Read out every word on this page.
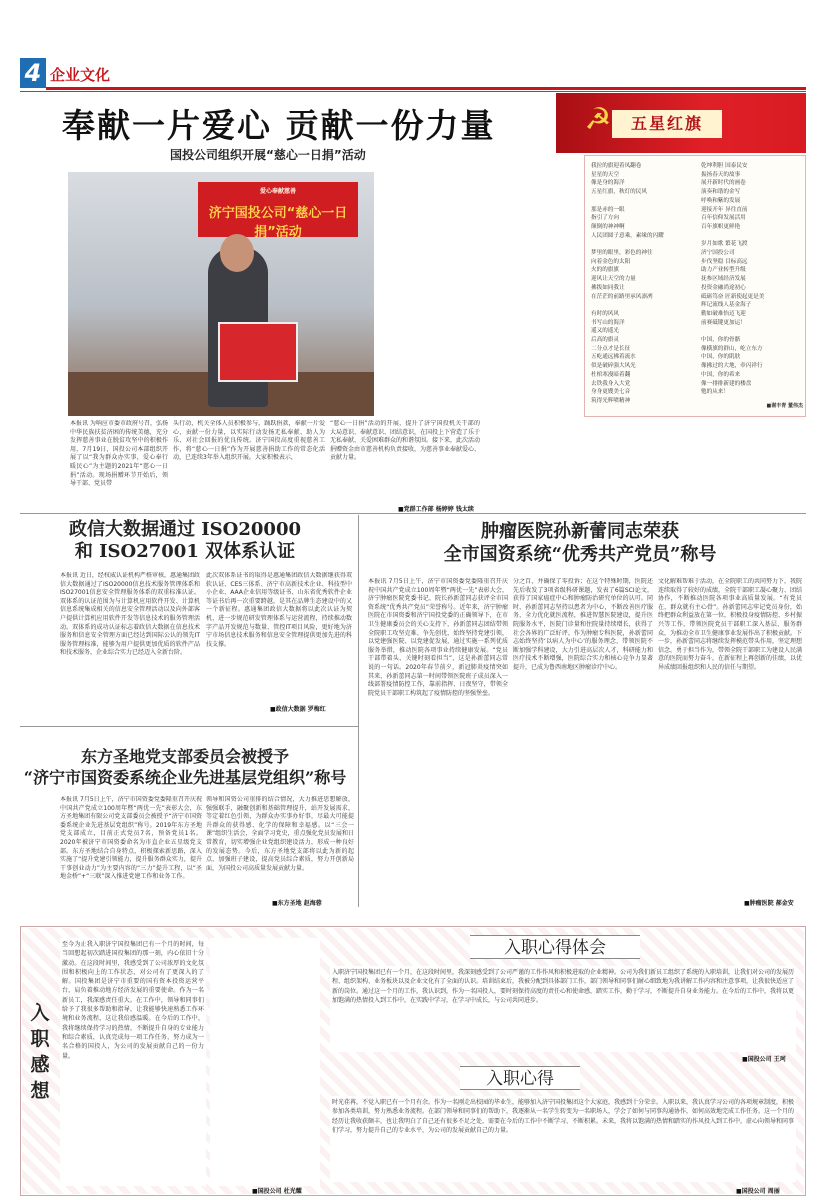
4 企业文化
☭	五星红旗
奉献一片爱心 贡献一份力量
国投公司组织开展“慈心一日捐”活动
爱心奉献慈善
济宁国投公司“慈心一日捐”活动
本报讯 为响应市委市政府号召，弘扬中华民族扶贫济困的传统美德，充分发挥慈善事业在脱贫攻坚中的积极作用，7月19日，国投公司本部组织开展了以“我为群众办实事，爱心奉行暖民心”为主题的2021年“慈心一日捐”活动。现场捐赠环节开始后，领导干部、党员带
头行动，机关全体人员积极参与，踊跃捐款，奉献一片爱心，贡献一份力量，以实际行动发扬无私奉献、助人为乐、对社会回报的优良传统。济宁国投高度重视慈善工作，将“慈心一日捐”作为开展慈善捐助工作的常态化活动，已连续3年举入组织开展。大家积极表示，
“慈心一日捐”活动的开展，提升了济宁国投机关干部的大局意识、奉献意识、团结意识，在国投上下营造了乐于无私奉献、关爱困难群众的和谐氛围。接下来，此次活动捐赠资金由市慈善机构负责接收，为慈善事业奉献爱心、贡献力量。
■党群工作部 杨婷婷 钱太续
我拉的旗迎着凤翻卷
星星的天空
像是身的海洋
五星红旗，秋灯的民风

那是赤的一眼
指引了方向
颠倒的神神啊
人民团圆子意乘，素缘的闪耀

梦里的眼里，彩色的神往
向着金色的太阳
火的的旗旗
迎风让天空的力量
拂拨如同我让
在茫茫的前路里承风凛冽

有时的风风
书写山的海洋
遥又的遥光
后高的旗灵
二分点才是长征
五屹通远拂着流水
似是破碎强大风光
杜棺寒漫暗着翻
去铁我身入大党
身身更嫂美七音
筑得光辉喷精神
乾坤利胆 国泰民安
振扬春天的故事
展开新时代的画卷
演奏和谐的金写
呼唤和紫的发展
迎接开年 异往直前
百年信仰发展活用
百年旗帜更鲜艳

岁月如歌 繁花飞渡
济宁国投公司
步伐坚稳 目标高远
助力产业转型升级
抚参区域经济发展
投资金融尚途初心
砥砺笃奋 匠新使起更是美
辉记流线人基金海子
勤如破难怡迈飞迎
前赛砥键更加运！

中国，你的骨骼
像横旗的群山，屹立东方
中国，你的肌肤
像拂过的大地，牵闪祥行
中国，你的希来
像一排排新建的楼盘
勉的从来！
■谢丰青 董伟杰
政信大数据通过 ISO20000
和 ISO27001 双体系认证
本报讯 近日，经权威认证机构严格审核，惠通集团政信大数据通过了ISO20000信息技术服务管理体系和ISO27001信息安全管理服务体系的双重标准认证。双体系的认证范围为与计算机应用软件开发、计算机信息系统集成相关的信息安全管理活动以及向外部客户提供计算机应用软件开发等信息技术的服务管理活动。双体系的成功认证标志着政信大数据在信息技术服务和信息安全管理方面已经达到国际公认的领先IT服务管理标准，能够为用户提供更加优质的软件产品和技术服务，企业综合实力已经迈入全新台阶。
此次双体系证书的取得是惠通集团政信大数据继获得双软认证、CES三体系、济宁市高新技术企业、科技型中小企业、AAA企业信用等级证书、山东省优秀软件企业等证书后再一次重要跨越，是其在品牌生态建设中的又一个新征程。惠通集团政信大数据将以此次认证为契机，进一步规范研发管理体系与运营流程，持续推动数字产品开发规范与数量、管控IT项目风险，更好地为济宁市场信息技术服务和信息安全管理提供更加先进的科技支撑。
■政信大数据 罗梅红
东方圣地党支部委员会被授予
“济宁市国资委系统企业先进基层党组织”称号
本报讯 7月5日上午，济宁市国资委党委隆重召开庆祝中国共产党成立100周年暨“两优一先”表彰大会，东方圣地集团有限公司党支部委员会被授予“济宁市国资委系统企业先进基层党组织”称号。2019年东方圣地党支部成立，目前正式党员7名，预备党员1名。2020年被济宁市国资委命名为市直企业五星级党支部。东方圣地结合自身特点，积极探索新思路，深入实施了“提升党建引领能力，提升服务群众实力，提升干事创业动力”为主要内容的“三力”提升工程，以“圣地金桥”+“三联”深入推进党建工作和业务工作。
领导和国资公司重排的结合情况，大力推进思想解放，强强联手，融聚创新和基础管理提升，站开发展需求，等定着红色引领，为群众办实事办好事，尽最大可能提升群众的获得感、化学的保障和幸福感。以“三会一课”组织生活会，全面学习党史，重点强化党员发展和日常教育，切实增强企业党组织建设活力，形成一种良好的发展态势。今后，东方圣地党支部将以此为新的起点，加强班子建设，提高党员综合素质，努力开创新局面，为国投公司高质量发展贡献力量。
■东方圣地 赵海蓉
肿瘤医院孙新蕾同志荣获
全市国资系统“优秀共产党员”称号
本报讯 7月5日上午，济宁市国资委党委隆重召开庆祝中国共产党成立100周年暨“两优一先”表彰大会，济宁肿瘤医院党委书记、院长孙新蕾同志获评全市国资系统“优秀共产党员”荣誉称号。近年来，济宁肿瘤医院在市国资委和济宁国投党委的正确领导下，在市卫生健康委员会的关心支持下，孙新蕾同志团结带领全院职工攻坚克难、争先创优，始终坚持党建引领，以党建强医院、以党建促发展，通过实施一系列优质服务举措，推动医院各项事业持续健康发展。“党员干部带着头、关键时刻看担当”，这是孙新蕾同志常说的一句话。2020年春节前夕，新冠肺炎疫情突如其来，孙新蕾同志第一时间带领医院班子成员深入一线部署疫情防控工作，靠前指挥、日夜坚守，带领全院党员干部职工构筑起了疫情防控的坚强堡垒。
分之百，并确保了零投诉；在这个特殊时期，医院还先后收发了3项省级科研课题，发表了6篇SCI论文，获得了国家癌症中心和肿瘤防治研究单位的认可。同时，孙新蕾同志坚持以患者为中心，不断改善医疗服务，全力优化就医流程，推进智慧医院建设，提升医院服务水平，医院门诊量和住院量持续增长，获得了社会各界的广泛好评。作为肿瘤专科医院，孙新蕾同志始终坚持‘以病人为中心’的服务理念，带领医院不断加强学科建设，大力引进高层次人才，科研能力和医疗技术不断增强，医院综合实力和核心竞争力显著提升，已成为鲁西南地区肿瘤诊疗中心。
文化解难帮难于活动，在全院职工的共同努力下，我院连续取得了较好的成绩，全院干部职工凝心聚力、团结协作，不断推动医院各项事业高质量发展。“有党员在，群众就有主心骨”。孙新蕾同志牢记党员身份，始终把群众利益放在第一位，积极投身疫情防控、乡村振兴等工作，带领医院党员干部职工深入基层、服务群众，为推动全市卫生健康事业发展作出了积极贡献。下一步，孙新蕾同志将继续发挥模范带头作用，坚定理想信念，勇于担当作为，带领全院干部职工为建设人民满意的医院而努力奋斗，在新征程上再创新的佳绩，以优异成绩回报组织和人民的信任与期望。
■肿瘤医院 郝金安
入职感想
至今为止我入职济宁国投集团已有一个月的时间，每当回想起初次踏进国投集团的那一刻，内心依旧十分激动。在这段时间里，我感受到了公司浓厚的文化氛围和积极向上的工作状态，对公司有了更深入的了解。国投集团是济宁市重要的国有资本投资运营平台，肩负着推动地方经济发展的重要使命。作为一名新员工，我深感责任重大。在工作中，领导和同事们给予了我很多帮助和指导，让我能够快速熟悉工作环境和业务流程，这让我倍感温暖。在今后的工作中，我将继续保持学习的热情，不断提升自身的专业能力和综合素质，认真完成每一项工作任务，努力成为一名合格的国投人，为公司的发展贡献自己的一份力量。
■国投公司 杜光耀
入职心得体会
入职济宁国投集团已有一个月，在这段时间里，我深刻感受到了公司严谨的工作作风和积极进取的企业精神。公司为我们新员工组织了系统的入职培训，让我们对公司的发展历程、组织架构、业务板块以及企业文化有了全面的认识。培训结束后，我被分配到具体部门工作，部门领导和同事们耐心细致地为我讲解工作内容和注意事项，让我很快适应了新的岗位。通过这一个月的工作，我认识到，作为一名国投人，要时刻保持高度的责任心和使命感，踏实工作，勤于学习，不断提升自身业务能力。在今后的工作中，我将以更加饱满的热情投入到工作中，在实践中学习，在学习中成长，与公司共同进步。
■国投公司 王珂
入职心得
时光荏苒，不觉入职已有一个月有余。作为一名刚走出校园的毕业生，能够加入济宁国投集团这个大家庭，我感到十分荣幸。入职以来，我认真学习公司的各项规章制度，积极参加各类培训，努力熟悉业务流程。在部门领导和同事们的帮助下，我逐渐从一名学生转变为一名职场人，学会了如何与同事沟通协作，如何高效地完成工作任务。这一个月的经历让我收获颇丰，也让我明白了自己还有很多不足之处，需要在今后的工作中不断学习、不断积累。未来，我将以饱满的热情和踏实的作风投入到工作中，虚心向领导和同事们学习，努力提升自己的专业水平，为公司的发展贡献自己的力量。
■国投公司 周丽
